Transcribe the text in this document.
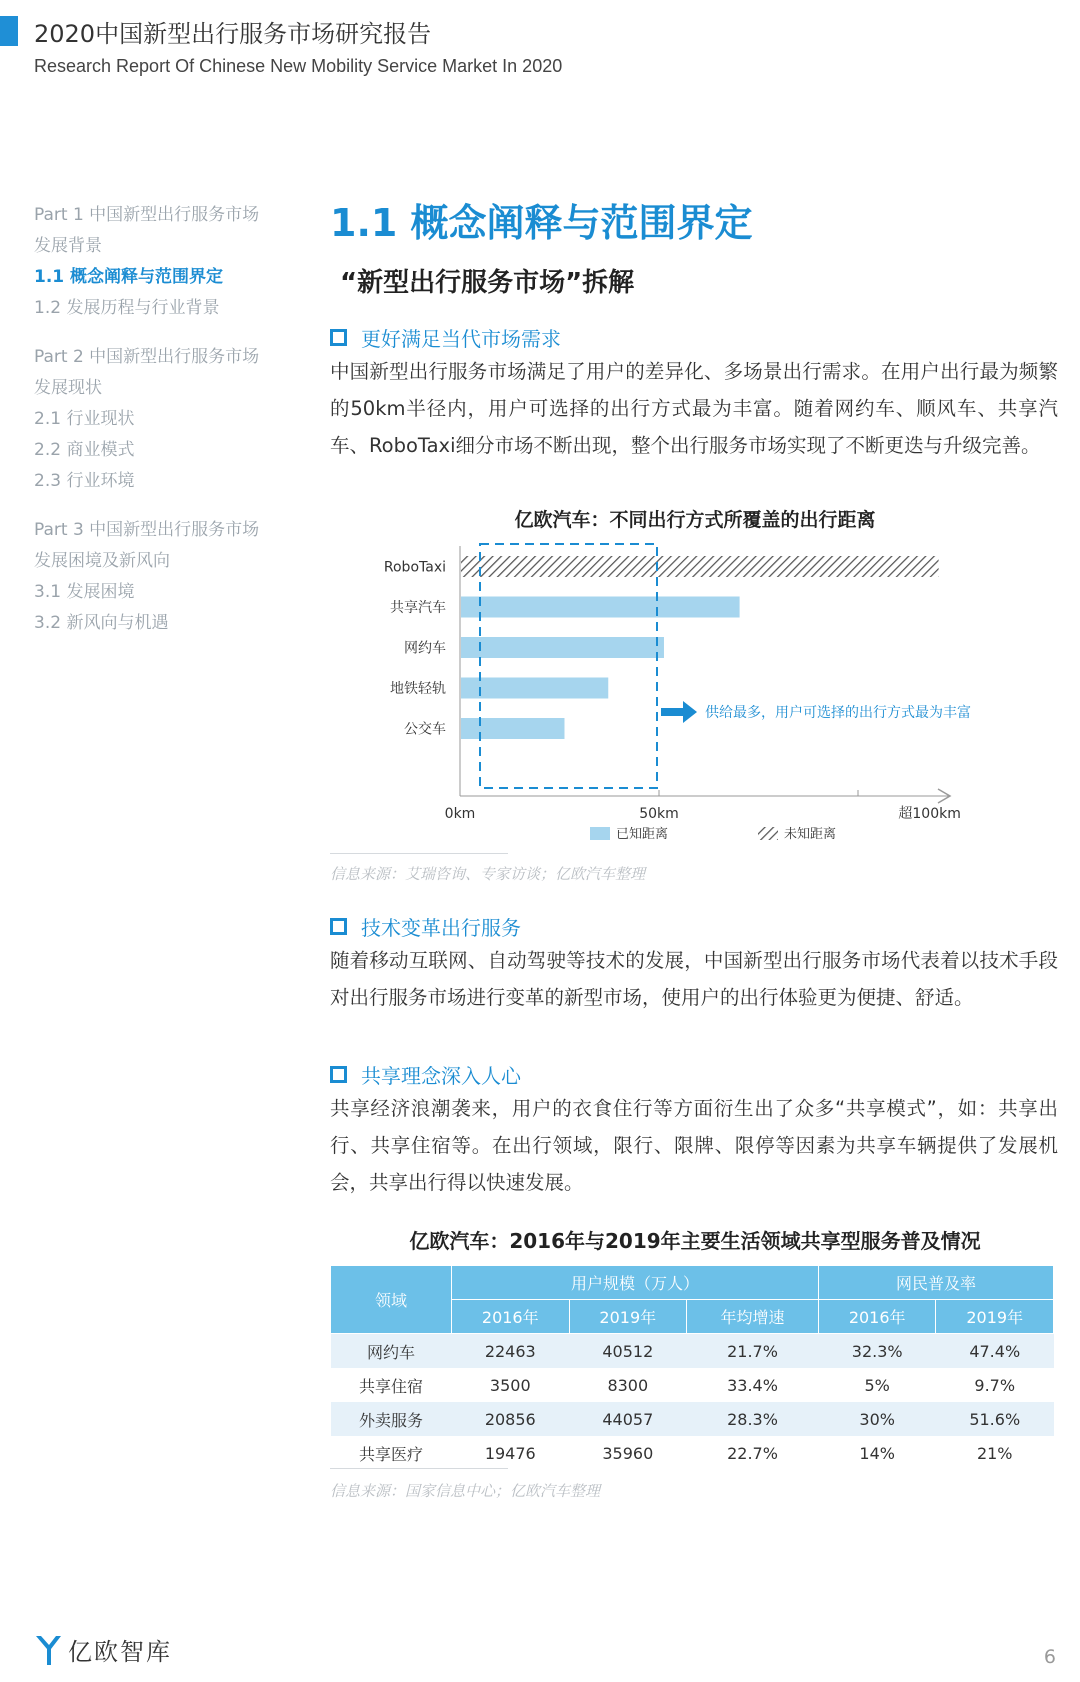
2020中国新型出行服务市场研究报告
Research Report Of Chinese New Mobility Service Market In 2020
Part 1 中国新型出行服务市场
发展背景
1.1 概念阐释与范围界定
1.2 发展历程与行业背景
Part 2 中国新型出行服务市场
发展现状
2.1 行业现状
2.2 商业模式
2.3 行业环境
Part 3 中国新型出行服务市场
发展困境及新风向
3.1 发展困境
3.2 新风向与机遇
1.1 概念阐释与范围界定
“新型出行服务市场”拆解
更好满足当代市场需求
中国新型出行服务市场满足了用户的差异化、多场景出行需求。在用户出行最为频繁的50km半径内，用户可选择的出行方式最为丰富。随着网约车、顺风车、共享汽车、RoboTaxi细分市场不断出现，整个出行服务市场实现了不断更迭与升级完善。
亿欧汽车：不同出行方式所覆盖的出行距离
RoboTaxi
共享汽车
网约车
地铁轻轨
公交车
供给最多，用户可选择的出行方式最为丰富
0km	50km	超100km
已知距离	未知距离
信息来源：艾瑞咨询、专家访谈；亿欧汽车整理
技术变革出行服务
随着移动互联网、自动驾驶等技术的发展，中国新型出行服务市场代表着以技术手段对出行服务市场进行变革的新型市场，使用户的出行体验更为便捷、舒适。
共享理念深入人心
共享经济浪潮袭来，用户的衣食住行等方面衍生出了众多“共享模式”，如：共享出行、共享住宿等。在出行领域，限行、限牌、限停等因素为共享车辆提供了发展机会，共享出行得以快速发展。
亿欧汽车：2016年与2019年主要生活领域共享型服务普及情况
领域	用户规模（万人）			网民普及率	
	2016年	2019年	年均增速	2016年	2019年
网约车	22463	40512	21.7%	32.3%	47.4%
共享住宿	3500	8300	33.4%	5%	9.7%
外卖服务	20856	44057	28.3%	30%	51.6%
共享医疗	19476	35960	22.7%	14%	21%
信息来源：国家信息中心；亿欧汽车整理
亿欧智库	6
